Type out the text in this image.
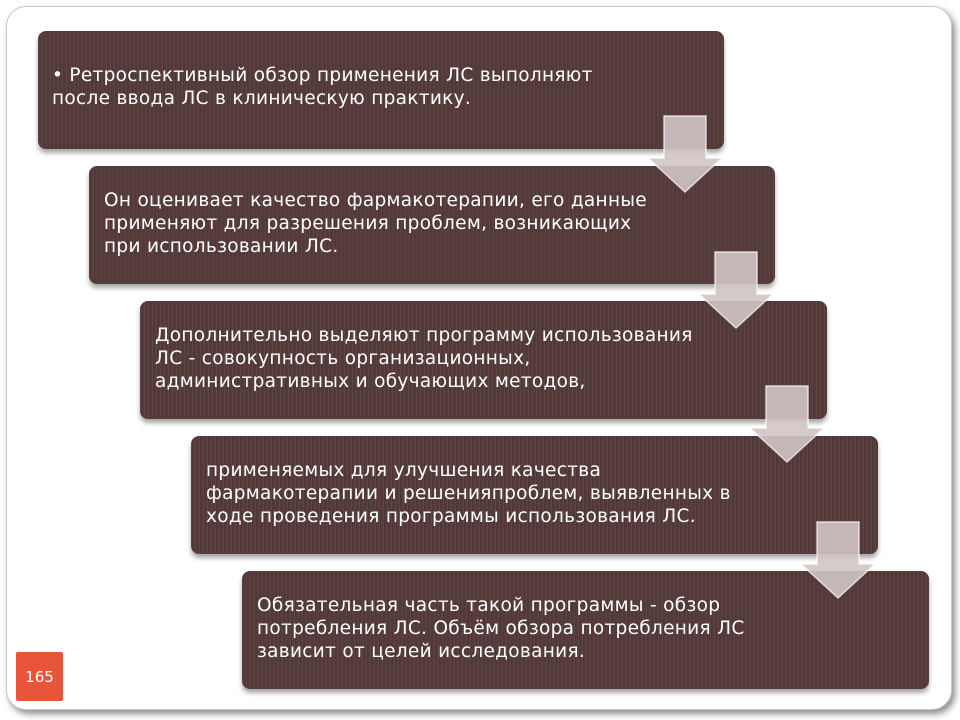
• Ретроспективный обзор применения ЛС выполняют
после ввода ЛС в клиническую практику.
Он оценивает качество фармакотерапии, его данные
применяют для разрешения проблем, возникающих
при использовании ЛС.
Дополнительно выделяют программу использования
ЛС - совокупность организационных,
административных и обучающих методов,
применяемых для улучшения качества
фармакотерапии и решенияпроблем, выявленных в
ходе проведения программы использования ЛС.
Обязательная часть такой программы - обзор
потребления ЛС. Объём обзора потребления ЛС
зависит от целей исследования.
165
